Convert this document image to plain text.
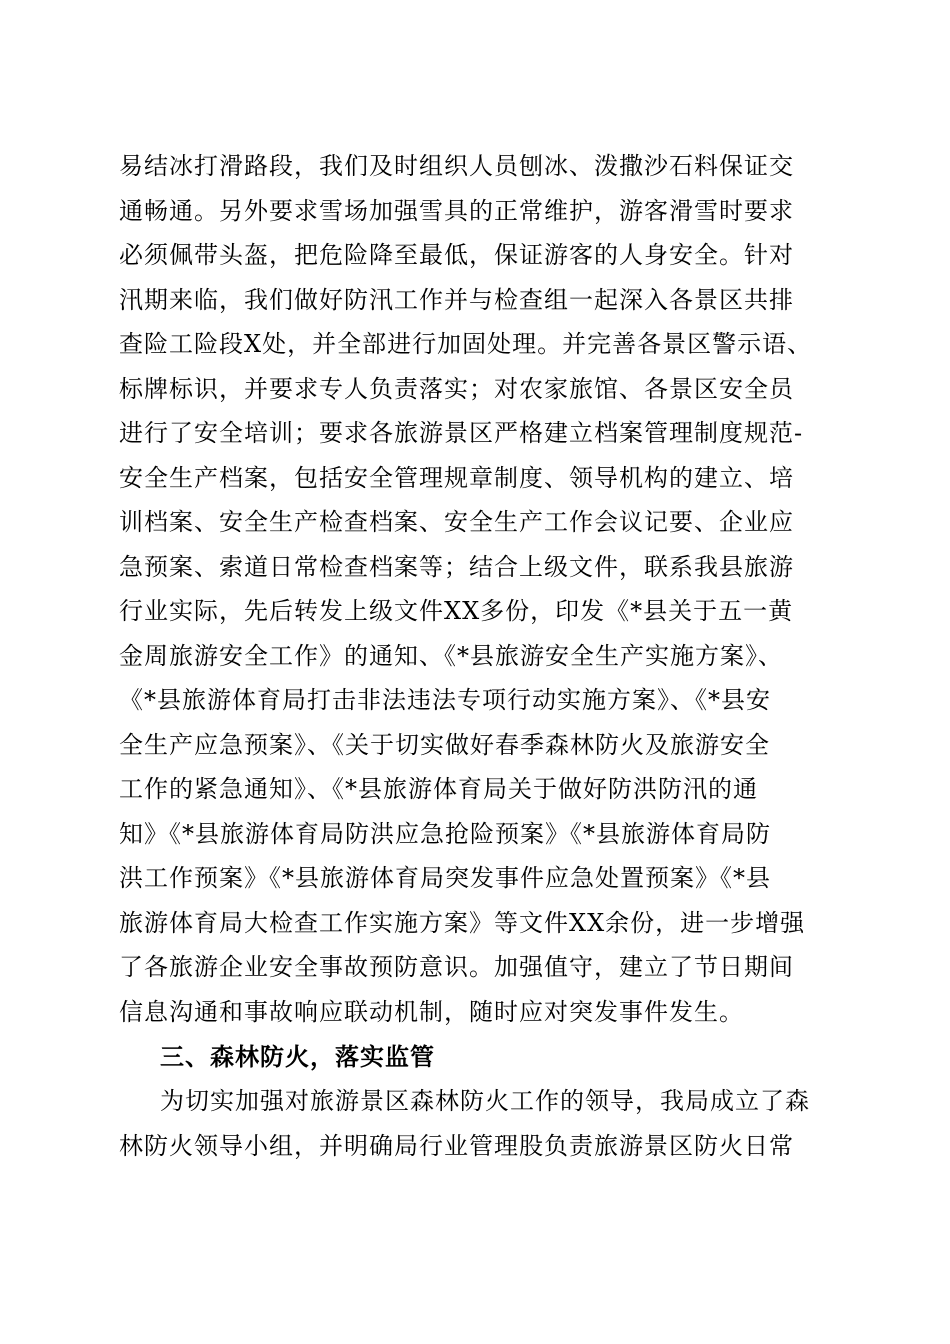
易结冰打滑路段，我们及时组织人员刨冰、泼撒沙石料保证交
通畅通。另外要求雪场加强雪具的正常维护，游客滑雪时要求
必须佩带头盔，把危险降至最低，保证游客的人身安全。针对
汛期来临，我们做好防汛工作并与检查组一起深入各景区共排
查险工险段X处，并全部进行加固处理。并完善各景区警示语、
标牌标识，并要求专人负责落实；对农家旅馆、各景区安全员
进行了安全培训；要求各旅游景区严格建立档案管理制度规范-
安全生产档案，包括安全管理规章制度、领导机构的建立、培
训档案、安全生产检查档案、安全生产工作会议记要、企业应
急预案、索道日常检查档案等；结合上级文件，联系我县旅游
行业实际，先后转发上级文件XX多份，印发《*县关于五一黄
金周旅游安全工作》的通知、《*县旅游安全生产实施方案》、
《*县旅游体育局打击非法违法专项行动实施方案》、《*县安
全生产应急预案》、《关于切实做好春季森林防火及旅游安全
工作的紧急通知》、《*县旅游体育局关于做好防洪防汛的通
知》《*县旅游体育局防洪应急抢险预案》《*县旅游体育局防
洪工作预案》《*县旅游体育局突发事件应急处置预案》《*县
旅游体育局大检查工作实施方案》等文件XX余份，进一步增强
了各旅游企业安全事故预防意识。加强值守，建立了节日期间
信息沟通和事故响应联动机制，随时应对突发事件发生。
三、森林防火，落实监管
为切实加强对旅游景区森林防火工作的领导，我局成立了森
林防火领导小组，并明确局行业管理股负责旅游景区防火日常
